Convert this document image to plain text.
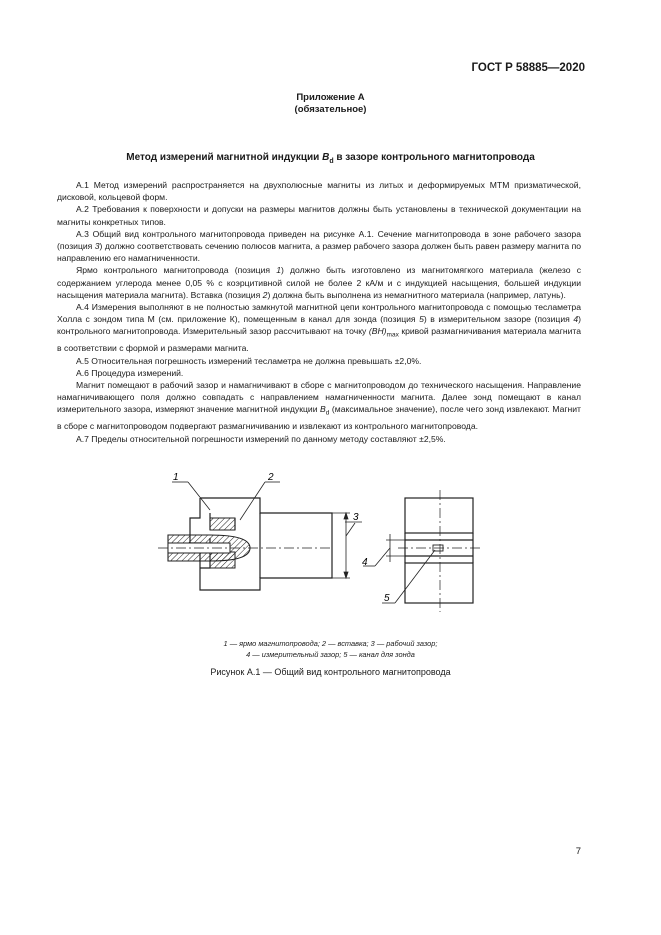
ГОСТ Р 58885—2020
Приложение А
(обязательное)
Метод измерений магнитной индукции $B_d$ в зазоре контрольного магнитопровода

А.1 Метод измерений распространяется на двухполюсные магниты из литых и деформируемых МТМ призматической, дисковой, кольцевой форм.

А.2 Требования к поверхности и допуски на размеры магнитов должны быть установлены в технической документации на магниты конкретных типов.

А.3 Общий вид контрольного магнитопровода приведен на рисунке А.1. Сечение магнитопровода в зоне рабочего зазора (позиция 3) должно соответствовать сечению полюсов магнита, а размер рабочего зазора должен быть равен размеру магнита по направлению его намагниченности.

Ярмо контрольного магнитопровода (позиция 1) должно быть изготовлено из магнитомягкого материала (железо с содержанием углерода менее 0,05 % с коэрцитивной силой не более 2 кА/м и с индукцией насыщения, большей индукции насыщения материала магнита). Вставка (позиция 2) должна быть выполнена из немагнитного материала (например, латунь).

А.4 Измерения выполняют в не полностью замкнутой магнитной цепи контрольного магнитопровода с помощью тесламетра Холла с зондом типа М (см. приложение К), помещенным в канал для зонда (позиция 5) в измерительном зазоре (позиция 4) контрольного магнитопровода. Измерительный зазор рассчитывают на точку $(BH)_{max}$ кривой размагничивания материала магнита в соответствии с формой и размерами магнита.

А.5 Относительная погрешность измерений тесламетра не должна превышать ±2,0%.

А.6 Процедура измерений.

Магнит помещают в рабочий зазор и намагничивают в сборе с магнитопроводом до технического насыщения. Направление намагничивающего поля должно совпадать с направлением намагниченности магнита. Далее зонд помещают в канал измерительного зазора, измеряют значение магнитной индукции $B_d$ (максимальное значение), после чего зонд извлекают. Магнит в сборе с магнитопроводом подвергают размагничиванию и извлекают из контрольного магнитопровода.

А.7 Пределы относительной погрешности измерений по данному методу составляют ±2,5%.

1	2
3
4
5
1 — ярмо магнитопровода; 2 — вставка; 3 — рабочий зазор;
4 — измерительный зазор; 5 — канал для зонда
Рисунок А.1 — Общий вид контрольного магнитопровода
7
